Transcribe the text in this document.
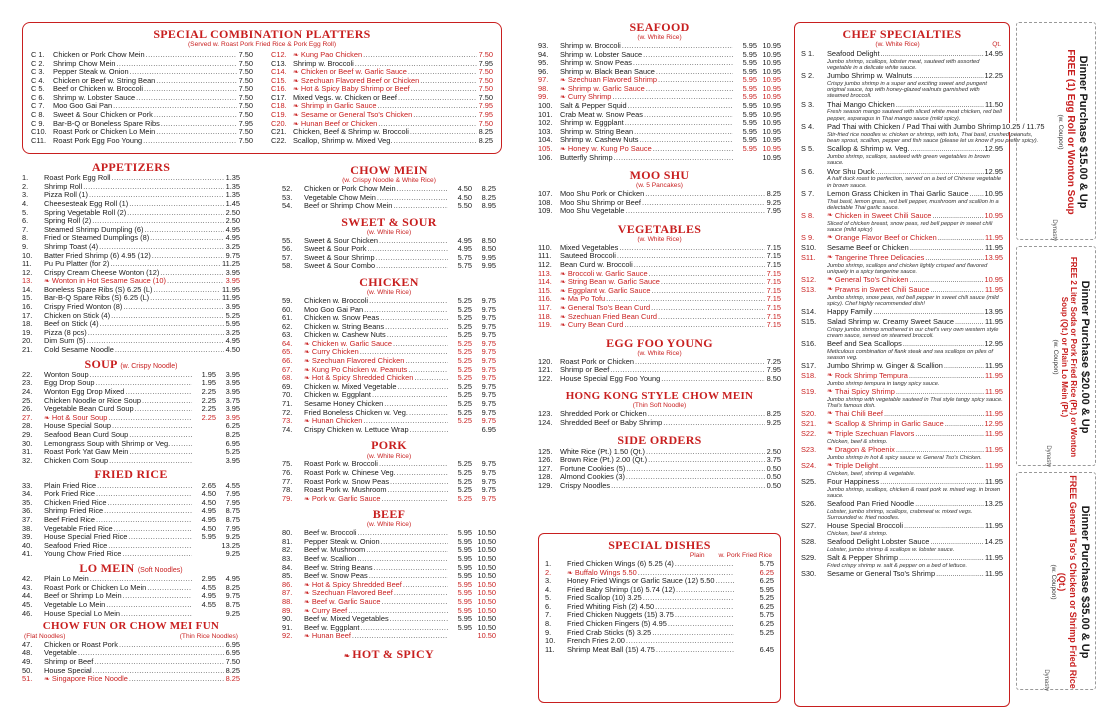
SPECIAL COMBINATION PLATTERS
(Served w. Roast Pork Fried Rice & Pork Egg Roll)
C 1.	Chicken or Pork Chow Mein .....	7.50
C 2.	Shrimp Chow Mein .....	7.50
C 3.	Pepper Steak w. Onion .....	7.50
C 4.	Chicken or Beef w. String Bean .....	7.50
C 5.	Beef or Chicken w. Broccoli .....	7.50
C 6.	Shrimp w. Lobster Sauce .....	7.50
C 7.	Moo Goo Gai Pan .....	7.50
C 8.	Sweet & Sour Chicken or Pork .....	7.50
C 9.	Bar-B-Q or Boneless Spare Ribs .....	7.95
C10. Roast Pork or Chicken Lo Mein .....	7.50
C11. Roast Pork Egg Foo Young .....	7.50
C12. ❧ Kung Pao Chicken .....	7.50
C13. Shrimp w. Broccoli .....	7.95
C14. ❧ Chicken or Beef w. Garlic Sauce .....	7.50
C15. ❧ Szechuan Flavored Beef or Chicken .....	7.50
C16. ❧ Hot & Spicy Baby Shrimp or Beef .....	7.50
C17. Mixed Vegs. w. Chicken or Beef .....	7.50
C18. ❧ Shrimp in Garlic Sauce .....	7.95
C19. ❧ Sesame or General Tso's Chicken .....	7.95
C20. ❧ Hunan Beef or Chicken .....	7.50
C21. Chicken, Beef & Shrimp w. Broccoli .....	8.25
C22. Scallop, Shrimp w. Mixed Veg. .....	8.25
APPETIZERS
1.	Roast Pork Egg Roll .....	1.35
2.	Shrimp Roll .....	1.35
3.	Pizza Roll (1) .....	1.35
4.	Cheesesteak Egg Roll (1) .....	1.45
5.	Spring Vegetable Roll (2) .....	2.50
6.	Spring Roll (2) .....	2.50
7.	Steamed Shrimp Dumpling (6) .....	4.95
8.	Fried or Steamed Dumplings (8) .....	4.95
9.	Shrimp Toast (4) .....	3.25
10.	Batter Fried Shrimp (6) 4.95 (12) .....	9.75
11.	Pu Pu Platter (for 2) .....	11.25
12.	Crispy Cream Cheese Wonton (12) .....	3.95
13.	❧ Wonton in Hot Sesame Sauce (10) .....	3.95
14.	Boneless Spare Ribs (S) 6.25 (L) .....	11.95
15.	Bar-B-Q Spare Ribs (S) 6.25 (L) .....	11.95
16.	Crispy Fried Wonton (8) .....	3.95
17.	Chicken on Stick (4) .....	5.25
18.	Beef on Stick (4) .....	5.95
19.	Pizza (8 pcs) .....	3.25
20.	Dim Sum (5) .....	4.95
21.	Cold Sesame Noodle .....	4.50
SOUP (w. Crispy Noodle)
22.	Wonton Soup .....	1.95	3.95
23.	Egg Drop Soup .....	1.95	3.95
24.	Wonton Egg Drop Mixed .....	2.25	3.95
25.	Chicken Noodle or Rice Soup .....	2.25	3.75
26.	Vegetable Bean Curd Soup .....	2.25	3.95
27.	❧ Hot & Sour Soup .....	2.25	3.95
28.	House Special Soup .....	6.25
29.	Seafood Bean Curd Soup .....	8.25
30.	Lemongrass Soup with Shrimp or Veg. .....	6.95
31.	Roast Pork Yat Gaw Mein .....	5.25
32.	Chicken Corn Soup .....	3.95
FRIED RICE
33.	Plain Fried Rice .....	2.65	4.55
34.	Pork Fried Rice .....	4.50	7.95
35.	Chicken Fried Rice .....	4.50	7.95
36.	Shrimp Fried Rice .....	4.95	8.75
37.	Beef Fried Rice .....	4.95	8.75
38.	Vegetable Fried Rice .....	4.50	7.95
39.	House Special Fried Rice .....	5.95	9.25
40.	Seafood Fried Rice .....	13.25
41.	Young Chow Fried Rice .....	9.25
LO MEIN (Soft Noodles)
42.	Plain Lo Mein .....	2.95	4.95
43.	Roast Pork or Chicken Lo Mein .....	4.55	8.25
44.	Beef or Shrimp Lo Mein .....	4.95	9.75
45.	Vegetable Lo Mein .....	4.55	8.75
46.	House Special Lo Mein .....	9.25
CHOW FUN OR CHOW MEI FUN
(Flat Noodles)	(Thin Rice Noodles)
47.	Chicken or Roast Pork .....	6.95
48.	Vegetable .....	6.95
49.	Shrimp or Beef .....	7.50
50.	House Special .....	8.25
51.	❧ Singapore Rice Noodle .....	8.25
CHOW MEIN
(w. Crispy Noodle & White Rice)
52.	Chicken or Pork Chow Mein .....	4.50	8.25
53.	Vegetable Chow Mein .....	4.50	8.25
54.	Beef or Shrimp Chow Mein .....	5.50	8.95
SWEET & SOUR
(w. White Rice)
55.	Sweet & Sour Chicken .....	4.95	8.50
56.	Sweet & Sour Pork .....	4.95	8.50
57.	Sweet & Sour Shrimp .....	5.75	9.95
58.	Sweet & Sour Combo .....	5.75	9.95
CHICKEN
(w. White Rice)
59.	Chicken w. Broccoli .....	5.25	9.75
60.	Moo Goo Gai Pan .....	5.25	9.75
61.	Chicken w. Snow Peas .....	5.25	9.75
62.	Chicken w. String Beans .....	5.25	9.75
63.	Chicken w. Cashew Nuts .....	5.25	9.75
64.	❧ Chicken w. Garlic Sauce .....	5.25	9.75
65.	❧ Curry Chicken .....	5.25	9.75
66.	❧ Szechuan Flavored Chicken .....	5.25	9.75
67.	❧ Kung Po Chicken w. Peanuts .....	5.25	9.75
68.	❧ Hot & Spicy Shredded Chicken .....	5.25	9.75
69.	Chicken w. Mixed Vegetable .....	5.25	9.75
70.	Chicken w. Eggplant .....	5.25	9.75
71.	Sesame Honey Chicken .....	5.25	9.75
72.	Fried Boneless Chicken w. Veg. .....	5.25	9.75
73.	❧ Hunan Chicken .....	5.25	9.75
74.	Crispy Chicken w. Lettuce Wrap .....	6.95
PORK
(w. White Rice)
75.	Roast Pork w. Broccoli .....	5.25	9.75
76.	Roast Pork w. Chinese Veg. .....	5.25	9.75
77.	Roast Pork w. Snow Peas .....	5.25	9.75
78.	Roast Pork w. Mushroom .....	5.25	9.75
79.	❧ Pork w. Garlic Sauce .....	5.25	9.75
BEEF
(w. White Rice)
80.	Beef w. Broccoli .....	5.95 10.50
81.	Pepper Steak w. Onion .....	5.95 10.50
82.	Beef w. Mushroom .....	5.95 10.50
83.	Beef w. Scallion .....	5.95 10.50
84.	Beef w. String Beans .....	5.95 10.50
85.	Beef w. Snow Peas .....	5.95 10.50
86.	❧ Hot & Spicy Shredded Beef .....	5.95 10.50
87.	❧ Szechuan Flavored Beef .....	5.95 10.50
88.	❧ Beef w. Garlic Sauce .....	5.95 10.50
89.	❧ Curry Beef .....	5.95 10.50
90.	Beef w. Mixed Vegetables .....	5.95 10.50
91.	Beef w. Eggplant .....	5.95 10.50
92.	❧ Hunan Beef .....	10.50
❧ HOT & SPICY
SEAFOOD
(w. White Rice)
93.	Shrimp w. Broccoli .....	5.95 10.95
94.	Shrimp w. Lobster Sauce .....	5.95 10.95
95.	Shrimp w. Snow Peas .....	5.95 10.95
96.	Shrimp w. Black Bean Sauce .....	5.95 10.95
97.	❧ Szechuan Flavored Shrimp .....	5.95 10.95
98.	❧ Shrimp w. Garlic Sauce .....	5.95 10.95
99.	❧ Curry Shrimp .....	5.95 10.95
100.	Salt & Pepper Squid .....	5.95 10.95
101.	Crab Meat w. Snow Peas .....	5.95 10.95
102.	Shrimp w. Eggplant .....	5.95 10.95
103.	Shrimp w. String Bean .....	5.95 10.95
104.	Shrimp w. Cashew Nuts .....	5.95 10.95
105.	❧ Honey w. Kung Po Sauce .....	5.95 10.95
106.	Butterfly Shrimp .....	10.95
MOO SHU
(w. 5 Pancakes)
107.	Moo Shu Pork or Chicken .....	8.25
108.	Moo Shu Shrimp or Beef .....	9.25
109.	Moo Shu Vegetable .....	7.95
VEGETABLES
(w. White Rice)
110.	Mixed Vegetables .....	7.15
111.	Sauteed Broccoli .....	7.15
112.	Bean Curd w. Broccoli .....	7.15
113.	❧ Broccoli w. Garlic Sauce .....	7.15
114.	❧ String Bean w. Garlic Sauce .....	7.15
115.	❧ Eggplant w. Garlic Sauce .....	7.15
116.	❧ Ma Po Tofu .....	7.15
117.	❧ General Tso's Bean Curd .....	7.15
118.	❧ Szechuan Fried Bean Curd .....	7.15
119.	❧ Curry Bean Curd .....	7.15
EGG FOO YOUNG
(w. White Rice)
120.	Roast Pork or Chicken .....	7.25
121.	Shrimp or Beef .....	7.95
122.	House Special Egg Foo Young .....	8.50
HONG KONG STYLE CHOW MEIN
(Thin Soft Noodle)
123.	Shredded Pork or Chicken .....	8.25
124.	Shredded Beef or Baby Shrimp .....	9.25
SIDE ORDERS
125.	White Rice (Pt.) 1.50 (Qt.) .....	2.50
126.	Brown Rice (Pt.) 2.00 (Qt.) .....	3.75
127.	Fortune Cookies (5) .....	0.50
128.	Almond Cookies (3) .....	0.50
129.	Crispy Noodles .....	0.50
SPECIAL DISHES
Plain w. Pork Fried Rice
1.	Fried Chicken Wings (6) 5.25 (4) .....	5.75
2.	❧ Buffalo Wings 5.50 .....	6.25
3.	Honey Fried Wings or Garlic Sauce (12) 5.50 .....	6.25
4.	Fried Baby Shrimp (16) 5.74 (12) .....	5.95
5.	Fried Scallop (10) 3.25 .....	5.25
6.	Fried Whiting Fish (2) 4.50 .....	6.25
7.	Fried Chicken Nuggets (15) 3.75 .....	5.75
8.	Fried Chicken Fingers (5) 4.95 .....	6.25
9.	Fried Crab Sticks (5) 3.25 .....	5.25
10.	French Fries 2.00 .....
11.	Shrimp Meat Ball (15) 4.75 .....	6.45
CHEF SPECIALTIES
(w. White Rice)	Qt.
S 1.	Seafood Delight .....	14.95
Jumbo shrimp, scallops, lobster meat, sauteed with assorted vegetable in a delicate white sauce.
S 2.	Jumbo Shrimp w. Walnuts .....	12.25
Crispy jumbo shrimp in a super and exciting sweet and pungent original sauce, top with honey-glazed walnuts garnished with steamed broccoli.
S 3.	Thai Mango Chicken .....	11.50
Fresh season mango sauteed with sliced white meat chicken, red bell pepper, asparagus in Thai mango sauce (mild spicy).
S 4.	Pad Thai with Chicken / Pad Thai with Jumbo Shrimp ..... 10.25 / 11.75
Stir-fried rice noodles w. chicken or shrimp, with tofu, Thai basil, crushed peanuts, bean sprout, scallion, pepper and fish sauce (please let us know if you prefer spicy).
S 5.	Scallop & Shrimp w. Veg. .....	12.95
Jumbo shrimp, scallops, sauteed with green vegetables in brown sauce.
S 6.	Wor Shu Duck .....	12.95
A half duck roast to perfection, served on a bed of Chinese vegetable in brown sauce.
S 7.	Lemon Grass Chicken in Thai Garlic Sauce .....	10.95
Thai basil, lemon grass, red bell pepper, mushroom and scallion in a delectable Thai garlic sauce.
S 8.	❧ Chicken in Sweet Chili Sauce .....	10.95
Sliced of chicken breast, snow peas, red bell pepper in sweet chili sauce (mild spicy)
S 9.	❧ Orange Flavor Beef or Chicken .....	11.95
S10.	Sesame Beef or Chicken .....	11.95
S11.	❧ Tangerine Three Delicacies .....	13.95
Jumbo shrimp, scallops and chicken lightly crisped and flavored uniquely in a spicy tangerine sauce.
S12.	❧ General Tso's Chicken .....	10.95
S13.	❧ Prawns in Sweet Chili Sauce .....	11.95
Jumbo shrimp, snow peas, red bell pepper in sweet chili sauce (mild spicy). Chef highly recommended dish!
S14.	Happy Family .....	13.95
S15.	Salad Shrimp w. Creamy Sweet Sauce .....	11.95
Crispy jumbo shrimp smothered in our chef's very own western style cream sauce, served on steamed broccoli.
S16.	Beef and Sea Scallops .....	12.95
Meticulous combination of flank steak and sea scallops on piles of season veg.
S17.	Jumbo Shrimp w. Ginger & Scallion .....	11.95
S18.	❧ Rock Shrimp Tempura .....	11.95
Jumbo shrimp tempura in tangy spicy sauce.
S19.	❧ Thai Spicy Shrimp .....	11.95
Jumbo shrimp with vegetable sauteed in Thai style tangy spicy sauce. Thai's famous dish.
S20.	❧ Thai Chili Beef .....	11.95
S21.	❧ Scallop & Shrimp in Garlic Sauce .....	12.95
S22.	❧ Triple Szechuan Flavors .....	11.95
Chicken, beef & shrimp.
S23.	❧ Dragon & Phoenix .....	11.95
Jumbo shrimp in hot & spicy sauce w. General Tso's Chicken.
S24.	❧ Triple Delight .....	11.95
Chicken, beef, shrimp & vegetable.
S25.	Four Happiness .....	11.95
Jumbo shrimp, scallops, chicken & roast pork w. mixed veg. in brown sauce.
S26.	Seafood Pan Fried Noodle .....	13.25
Lobster, jumbo shrimp, scallops, crabmeat w. mixed vegs. Surrounded w. fried noodles.
S27.	House Special Broccoli .....	11.95
Chicken, beef & shrimp.
S28.	Seafood Delight Lobster Sauce .....	14.25
Lobster, jumbo shrimp & scallops w. lobster sauce.
S29.	Salt & Pepper Shrimp .....	11.95
Fried crispy shrimp w. salt & pepper on a bed of lettuce.
S30.	Sesame or General Tso's Shrimp .....	11.95
Dinner Purchase $15.00 & Up
FREE (1) Egg Roll or Wonton Soup
(w. Coupon)
Dynasty
Dinner Purchase $20.00 & Up
FREE 2 Liter Soda or Pork Fried Rice (Pt.) or Wonton Soup (Qt.) or Plain Lo Mein (Pt.)
(w. Coupon)
Dynasty
Dinner Purchase $35.00 & Up
FREE General Tso's Chicken or Shrimp Fried Rice (Qt.)
(w. Coupon)
Dynasty
